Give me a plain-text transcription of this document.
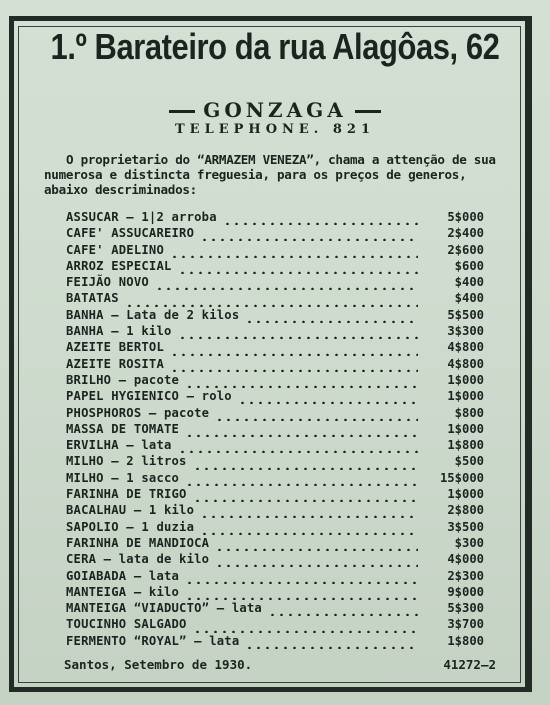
1.º Barateiro da rua Alagôas, 62
GONZAGA
TELEPHONE. 821
O proprietario do “ARMAZEM VENEZA”, chama a attenção de sua numerosa e distincta freguesia, para os preços de generos, abaixo descriminados:
ASSUCAR — 1|2 arroba	5$000
CAFE' ASSUCAREIRO	2$400
CAFE' ADELINO	2$600
ARROZ ESPECIAL	$600
FEIJÃO NOVO	$400
BATATAS	$400
BANHA — Lata de 2 kilos	5$500
BANHA — 1 kilo	3$300
AZEITE BERTOL	4$800
AZEITE ROSITA	4$800
BRILHO — pacote	1$000
PAPEL HYGIENICO — rolo	1$000
PHOSPHOROS — pacote	$800
MASSA DE TOMATE	1$000
ERVILHA — lata	1$800
MILHO — 2 litros	$500
MILHO — 1 sacco	15$000
FARINHA DE TRIGO	1$000
BACALHAU — 1 kilo	2$800
SAPOLIO — 1 duzia	3$500
FARINHA DE MANDIOCA	$300
CERA — lata de kilo	4$000
GOIABADA — lata	2$300
MANTEIGA — kilo	9$000
MANTEIGA “VIADUCTO” — lata	5$300
TOUCINHO SALGADO	3$700
FERMENTO “ROYAL” — lata	1$800
Santos, Setembro de 1930.	41272—2
